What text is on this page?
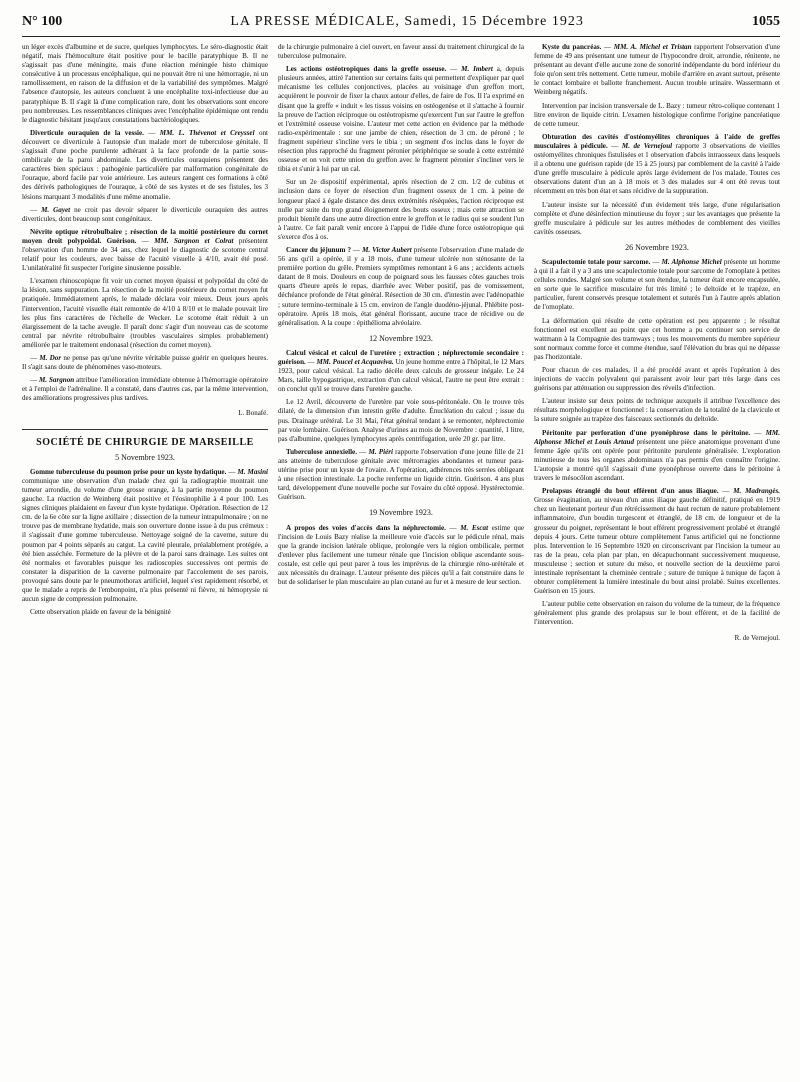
N° 100	LA PRESSE MÉDICALE, Samedi, 15 Décembre 1923	1055

un léger excès d'albumine et de sucre, quelques lymphocytes. Le séro-diagnostic était négatif, mais l'hémoculture était positive pour le bacille paratyphique B. Il ne s'agissait pas d'une méningite, mais d'une réaction méningée histo chimique consécutive à un processus encéphalique, qui ne pouvait être ni une hémorragie, ni un ramollissement, en raison de la diffusion et de la variabilité des symptômes. Malgré l'absence d'autopsie, les auteurs concluent à une encéphalite toxi-infectieuse due au paratyphique B. Il s'agit là d'une complication rare, dont les observations sont encore peu nombreuses. Les ressemblances cliniques avec l'encéphalite épidémique ont rendu le diagnostic hésitant jusqu'aux constatations bactériologiques.

Diverticule ouraquien de la vessie. — MM. L. Thévenot et Creyssel ont découvert ce diverticule à l'autopsie d'un malade mort de tuberculose génitale. Il s'agissait d'une poche purulente adhérant à la face profonde de la partie sous-ombilicale de la paroi abdominale. Les diverticules ouraquiens présentent des caractères bien spéciaux : pathogénie particulière par malformation congénitale de l'ouraque, abord facile par voie antérieure. Les auteurs rangent ces formations à côté des dérivés pathologiques de l'ouraque, à côté de ses kystes et de ses fistules, les 3 lésions marquant 3 modalités d'une même anomalie.

— M. Gayet ne croit pas devoir séparer le diverticule ouraquien des autres diverticules, dont beaucoup sont congénitaux.

Névrite optique rétrobulbaire ; résection de la moitié postérieure du cornet moyen droit polypoïdal. Guérison. — MM. Sargnon et Colrat présentent l'observation d'un homme de 34 ans, chez lequel le diagnostic de scotome central relatif pour les couleurs, avec baisse de l'acuité visuelle à 4/10, avait été posé. L'unilatéralité fit suspecter l'origine sinusienne possible.

L'examen rhinoscopique fit voir un cornet moyen épaissi et polypoïdal du côté de la lésion, sans suppuration. La résection de la moitié postérieure du cornet moyen fut pratiquée. Immédiatement après, le malade déclara voir mieux. Deux jours après l'intervention, l'acuité visuelle était remontée de 4/10 à 8/10 et le malade pouvait lire les plus fins caractères de l'échelle de Wecker. Le scotome était réduit à un élargissement de la tache aveugle. Il paraît donc s'agir d'un nouveau cas de scotome central par névrite rétrobulbaire (troubles vasculaires simples probablement) améliorée par le traitement endonasal (résection du cornet moyen).

— M. Dor ne pense pas qu'une névrite véritable puisse guérir en quelques heures. Il s'agit sans doute de phénomènes vaso-moteurs.

— M. Sargnon attribue l'amélioration immédiate obtenue à l'hémorragie opératoire et à l'emploi de l'adrénaline. Il a constaté, dans d'autres cas, par la même intervention, des améliorations progressives plus tardives.

L. Bonafé.
SOCIÉTÉ DE CHIRURGIE DE MARSEILLE
5 Novembre 1923.

Gomme tuberculeuse du poumon prise pour un kyste hydatique. — M. Masini communique une observation d'un malade chez qui la radiographie montrait une tumeur arrondie, du volume d'une grosse orange, à la partie moyenne du poumon gauche. La réaction de Weinberg était positive et l'éosinophilie à 4 pour 100. Les signes cliniques plaidaient en faveur d'un kyste hydatique. Opération. Résection de 12 cm. de la 6e côte sur la ligne axillaire ; dissection de la tumeur intrapulmonaire ; on ne trouve pas de membrane hydatide, mais son ouverture donne issue à du pus crémeux : il s'agissait d'une gomme tuberculeuse. Nettoyage soigné de la caverne, suture du poumon par 4 points séparés au catgut. La cavité pleurale, préalablement protégée, a été bien asséchée. Fermeture de la plèvre et de la paroi sans drainage. Les suites ont été normales et favorables puisque les radioscopies successives ont permis de constater la disparition de la caverne pulmonaire par l'accolement de ses parois, provoqué sans doute par le pneumothorax artificiel, lequel s'est rapidement résorbé, et que le malade a repris de l'embonpoint, n'a plus présenté ni fièvre, ni hémoptysie ni aucun signe de compression pulmonaire.

Cette observation plaide en faveur de la bénignité

de la chirurgie pulmonaire à ciel ouvert, en faveur aussi du traitement chirurgical de la tuberculose pulmonaire.

Les actions ostéotropiques dans la greffe osseuse. — M. Imbert a, depuis plusieurs années, attiré l'attention sur certains faits qui permettent d'expliquer par quel mécanisme les cellules conjonctives, placées au voisinage d'un greffon mort, acquièrent le pouvoir de fixer la chaux autour d'elles, de faire de l'os. Il l'a exprimé en disant que la greffe « induit » les tissus voisins en ostéogenèse et il s'attache à fournir la preuve de l'action réciproque ou ostéotropisme qu'exercent l'un sur l'autre le greffon et l'extrémité osseuse voisine. L'auteur met cette action en évidence par la méthode radio-expérimentale : sur une jambe de chien, résection de 3 cm. de péroné ; le fragment supérieur s'incline vers le tibia ; un segment d'os inclus dans le foyer de résection plus rapproché du fragment péronier périphérique se soude à cette extrémité osseuse et on voit cette union du greffon avec le fragment péronier s'incliner vers le tibia et s'unir à lui par un cal.

Sur un 2e dispositif expérimental, après résection de 2 cm. 1/2 de cubitus et inclusion dans ce foyer de résection d'un fragment osseux de 1 cm. à peine de longueur placé à égale distance des deux extrémités réséquées, l'action réciproque est nulle par suite du trop grand éloignement des bouts osseux ; mais cette attraction se produit bientôt dans une autre direction entre le greffon et le radius qui se soudent l'un à l'autre. Ce fait paraît venir encore à l'appui de l'idée d'une force ostéotropique qui s'exerce d'os à os.

Cancer du jéjunum ? — M. Victor Aubert présente l'observation d'une malade de 56 ans qu'il a opérée, il y a 18 mois, d'une tumeur ulcérée non sténosante de la première portion du grêle. Premiers symptômes remontant à 6 ans ; accidents actuels datant de 8 mois. Douleurs en coup de poignard sous les fausses côtes gauches trois quarts d'heure après le repas, diarrhée avec Weber positif, pas de vomissement, déchéance profonde de l'état général. Résection de 30 cm. d'intestin avec l'adénopathie ; suture termino-terminale à 15 cm. environ de l'angle duodéno-jéjunal. Phlébite post-opératoire. Après 18 mois, état général florissant, aucune trace de récidive ou de généralisation. A la coupe : épithélioma alvéolaire.

12 Novembre 1923.

Calcul vésical et calcul de l'uretère ; extraction ; néphrectomie secondaire : guérison. — MM. Poucel et Acquaviva. Un jeune homme entre à l'hôpital, le 12 Mars 1923, pour calcul vésical. La radio décèle deux calculs de grosseur inégale. Le 24 Mars, taille hypogastrique, extraction d'un calcul vésical, l'autre ne peut être extrait : on conclut qu'il se trouve dans l'uretère gauche.

Le 12 Avril, découverte de l'uretère par voie sous-péritonéale. On le trouve très dilaté, de la dimension d'un intestin grêle d'adulte. Énucléation du calcul ; issue du pus. Drainage urétéral. Le 31 Mai, l'état général tendant à se remonter, néphrectomie par voie lombaire. Guérison. Analyse d'urines au mois de Novembre : quantité, 1 litre, pas d'albumine, quelques lymphocytes après centrifugation, urée 20 gr. par litre.

Tuberculose annexielle. — M. Piéri rapporte l'observation d'une jeune fille de 21 ans atteinte de tuberculose génitale avec métrorragies abondantes et tumeur para-utérine prise pour un kyste de l'ovaire. A l'opération, adhérences très serrées obligeant à une résection intestinale. La poche renferme un liquide citrin. Guérison. 4 ans plus tard, développement d'une nouvelle poche sur l'ovaire du côté opposé. Hystérectomie. Guérison.

19 Novembre 1923.

A propos des voies d'accès dans la néphrectomie. — M. Escat estime que l'incision de Louis Bazy réalise la meilleure voie d'accès sur le pédicule rénal, mais que la grande incision latérale oblique, prolongée vers la région ombilicale, permet d'enlever plus facilement une tumeur rénale que l'incision oblique ascendante sous-costale, est celle qui peut parer à tous les imprévus de la chirurgie réno-urétérale et aux nécessités du drainage. L'auteur présente des pièces qu'il a fait construire dans le but de solidariser le plan musculaire au plan cutané au fur et à mesure de leur section.

Kyste du pancréas. — MM. A. Michel et Tristan rapportent l'observation d'une femme de 49 ans présentant une tumeur de l'hypocondre droit, arrondie, rénitente, ne présentant au devant d'elle aucune zone de sonorité indépendante du bord inférieur du foie qu'on sent très nettement. Cette tumeur, mobile d'arrière en avant surtout, présente le contact lombaire et ballotte franchement. Aucun trouble urinaire. Wassermann et Weinberg négatifs.

Intervention par incision transversale de L. Bazy : tumeur rétro-colique contenant 1 litre environ de liquide citrin. L'examen histologique confirme l'origine pancréatique de cette tumeur.

Obturation des cavités d'ostéomyélites chroniques à l'aide de greffes musculaires à pédicule. — M. de Vernejoul rapporte 3 observations de vieilles ostéomyélites chroniques fistulisées et 1 observation d'abcès intraosseux dans lesquels il a obtenu une guérison rapide (de 15 à 25 jours) par comblement de la cavité à l'aide d'une greffe musculaire à pédicule après large évidement de l'os malade. Toutes ces observations datent d'un an à 18 mois et 3 des malades sur 4 ont été revus tout récemment en très bon état et sans récidive de la suppuration.

L'auteur insiste sur la nécessité d'un évidement très large, d'une régularisation complète et d'une désinfection minutieuse du foyer ; sur les avantages que présente la greffe musculaire à pédicule sur les autres méthodes de comblement des vieilles cavités osseuses.

26 Novembre 1923.

Scapulectomie totale pour sarcome. — M. Alphonse Michel présente un homme à qui il a fait il y a 3 ans une scapulectomie totale pour sarcome de l'omoplate à petites cellules rondes. Malgré son volume et son étendue, la tumeur était encore encapsulée, en sorte que le sacrifice musculaire fut très limité ; le deltoïde et le trapèze, en particulier, furent conservés presque totalement et suturés l'un à l'autre après ablation de l'omoplate.

La déformation qui résulte de cette opération est peu apparente ; le résultat fonctionnel est excellent au point que cet homme a pu continuer son service de wattmann à la Compagnie des tramways ; tous les mouvements du membre supérieur sont normaux comme force et comme étendue, sauf l'élévation du bras qui ne dépasse pas l'horizontale.

Pour chacun de ces malades, il a été procédé avant et après l'opération à des injections de vaccin polyvalent qui paraissent avoir leur part très large dans ces guérisons par atténuation ou suppression des réveils d'infection.

L'auteur insiste sur deux points de technique auxquels il attribue l'excellence des résultats morphologique et fonctionnel : la conservation de la totalité de la clavicule et la suture soignée au trapèze des faisceaux sectionnés du deltoïde.

Péritonite par perforation d'une pyonéphrose dans le péritoine. — MM. Alphonse Michel et Louis Artaud présentent une pièce anatomique provenant d'une femme âgée qu'ils ont opérée pour péritonite purulente généralisée. L'exploration minutieuse de tous les organes abdominaux n'a pas permis d'en connaître l'origine. L'autopsie a montré qu'il s'agissait d'une pyonéphrose ouverte dans le péritoine à travers le mésocôlon ascendant.

Prolapsus étranglé du bout efférent d'un anus iliaque. — M. Madrangès. Grosse évagination, au niveau d'un anus iliaque gauche définitif, pratiqué en 1919 chez un lieutenant porteur d'un rétrécissement du haut rectum de nature probablement inflammatoire, d'un boudin turgescent et étranglé, de 18 cm. de longueur et de la grosseur du poignet, représentant le bout efférent progressivement prolabé et étranglé depuis 4 jours. Cette tumeur obture complètement l'anus artificiel qui ne fonctionne plus. Intervention le 16 Septembre 1920 en circonscrivant par l'incision la tumeur au ras de la peau, cela plan par plan, en décapuchonnant successivement muqueuse, musculeuse ; section et suture du méso, et nouvelle section de la deuxième paroi intestinale représentant la cheminée centrale ; suture de tunique à tunique de façon à obturer complètement la lumière intestinale du bout ainsi prolabé. Suites excellentes. Guérison en 15 jours.

L'auteur publie cette observation en raison du volume de la tumeur, de la fréquence généralement plus grande des prolapsus sur le bout efférent, et de la facilité de l'intervention.

R. de Vernejoul.
